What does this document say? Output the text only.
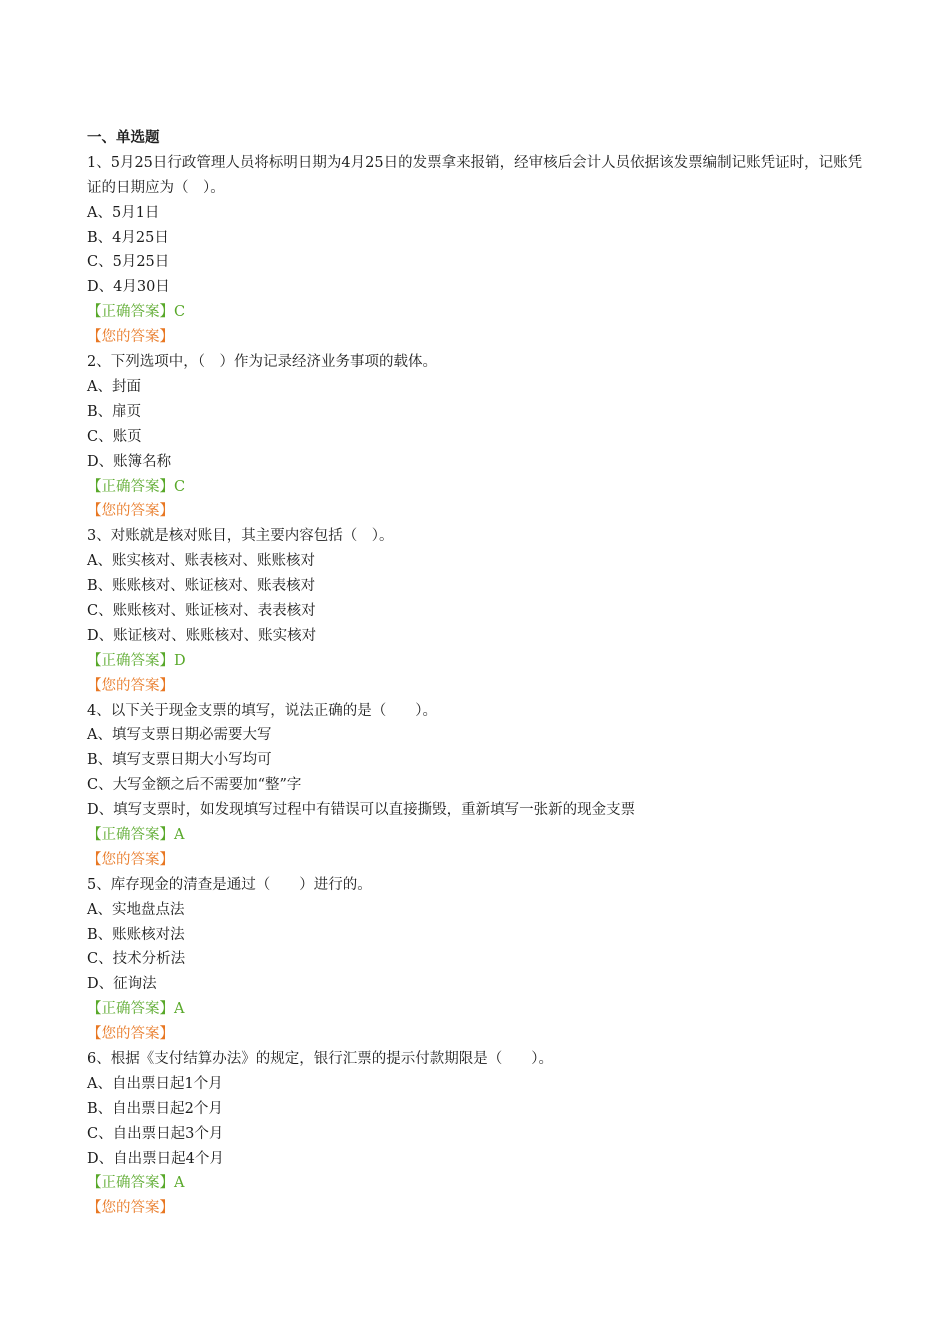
一、单选题
1、5月25日行政管理人员将标明日期为4月25日的发票拿来报销，经审核后会计人员依据该发票编制记账凭证时，记账凭证的日期应为（　）。
A、5月1日
B、4月25日
C、5月25日
D、4月30日
【正确答案】C
【您的答案】
2、下列选项中，（　）作为记录经济业务事项的载体。
A、封面
B、扉页
C、账页
D、账簿名称
【正确答案】C
【您的答案】
3、对账就是核对账目，其主要内容包括（　）。
A、账实核对、账表核对、账账核对
B、账账核对、账证核对、账表核对
C、账账核对、账证核对、表表核对
D、账证核对、账账核对、账实核对
【正确答案】D
【您的答案】
4、以下关于现金支票的填写，说法正确的是（　　）。
A、填写支票日期必需要大写
B、填写支票日期大小写均可
C、大写金额之后不需要加“整”字
D、填写支票时，如发现填写过程中有错误可以直接撕毁，重新填写一张新的现金支票
【正确答案】A
【您的答案】
5、库存现金的清查是通过（　　）进行的。
A、实地盘点法
B、账账核对法
C、技术分析法
D、征询法
【正确答案】A
【您的答案】
6、根据《支付结算办法》的规定，银行汇票的提示付款期限是（　　）。
A、自出票日起1个月
B、自出票日起2个月
C、自出票日起3个月
D、自出票日起4个月
【正确答案】A
【您的答案】
